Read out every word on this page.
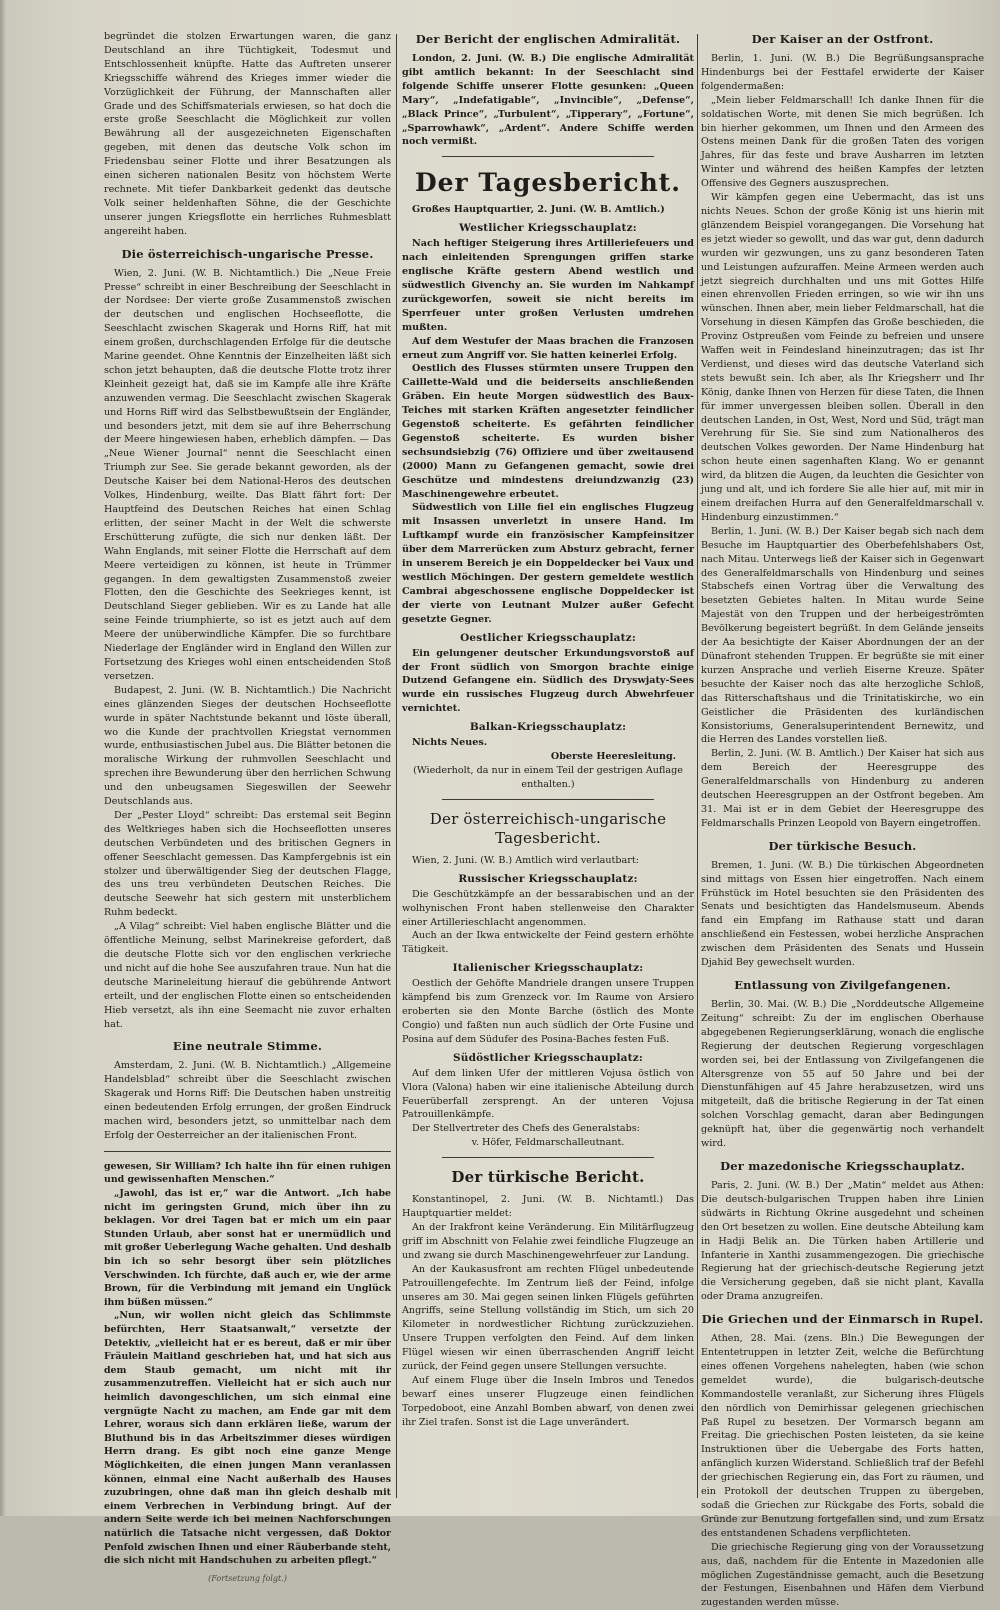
begründet die stolzen Erwartungen waren, die ganz Deutschland an ihre Tüchtigkeit, Todesmut und Entschlossenheit knüpfte. Hatte das Auftreten unserer Kriegsschiffe während des Krieges immer wieder die Vorzüglichkeit der Führung, der Mannschaften aller Grade und des Schiffsmaterials erwiesen, so hat doch die erste große Seeschlacht die Möglichkeit zur vollen Bewährung all der ausgezeichneten Eigenschaften gegeben, mit denen das deutsche Volk schon im Friedensbau seiner Flotte und ihrer Besatzungen als einen sicheren nationalen Besitz von höchstem Werte rechnete. Mit tiefer Dankbarkeit gedenkt das deutsche Volk seiner heldenhaften Söhne, die der Geschichte unserer jungen Kriegsflotte ein herrliches Ruhmesblatt angereiht haben.

Die österreichisch-ungarische Presse.

Wien, 2. Juni. (W. B. Nichtamtlich.) Die „Neue Freie Presse“ schreibt in einer Beschreibung der Seeschlacht in der Nordsee: Der vierte große Zusammenstoß zwischen der deutschen und englischen Hochseeflotte, die Seeschlacht zwischen Skagerak und Horns Riff, hat mit einem großen, durchschlagenden Erfolge für die deutsche Marine geendet. Ohne Kenntnis der Einzelheiten läßt sich schon jetzt behaupten, daß die deutsche Flotte trotz ihrer Kleinheit gezeigt hat, daß sie im Kampfe alle ihre Kräfte anzuwenden vermag. Die Seeschlacht zwischen Skagerak und Horns Riff wird das Selbstbewußtsein der Engländer, und besonders jetzt, mit dem sie auf ihre Beherrschung der Meere hingewiesen haben, erheblich dämpfen. — Das „Neue Wiener Journal“ nennt die Seeschlacht einen Triumph zur See. Sie gerade bekannt geworden, als der Deutsche Kaiser bei dem National-Heros des deutschen Volkes, Hindenburg, weilte. Das Blatt fährt fort: Der Hauptfeind des Deutschen Reiches hat einen Schlag erlitten, der seiner Macht in der Welt die schwerste Erschütterung zufügte, die sich nur denken läßt. Der Wahn Englands, mit seiner Flotte die Herrschaft auf dem Meere verteidigen zu können, ist heute in Trümmer gegangen. In dem gewaltigsten Zusammenstoß zweier Flotten, den die Geschichte des Seekrieges kennt, ist Deutschland Sieger geblieben. Wir es zu Lande hat alle seine Feinde triumphierte, so ist es jetzt auch auf dem Meere der unüberwindliche Kämpfer. Die so furchtbare Niederlage der Engländer wird in England den Willen zur Fortsetzung des Krieges wohl einen entscheidenden Stoß versetzen.

Budapest, 2. Juni. (W. B. Nichtamtlich.) Die Nachricht eines glänzenden Sieges der deutschen Hochseeflotte wurde in später Nachtstunde bekannt und löste überall, wo die Kunde der prachtvollen Kriegstat vernommen wurde, enthusiastischen Jubel aus. Die Blätter betonen die moralische Wirkung der ruhmvollen Seeschlacht und sprechen ihre Bewunderung über den herrlichen Schwung und den unbeugsamen Siegeswillen der Seewehr Deutschlands aus.

Der „Pester Lloyd“ schreibt: Das erstemal seit Beginn des Weltkrieges haben sich die Hochseeflotten unseres deutschen Verbündeten und des britischen Gegners in offener Seeschlacht gemessen. Das Kampfergebnis ist ein stolzer und überwältigender Sieg der deutschen Flagge, des uns treu verbündeten Deutschen Reiches. Die deutsche Seewehr hat sich gestern mit unsterblichem Ruhm bedeckt.

„A Vilag“ schreibt: Viel haben englische Blätter und die öffentliche Meinung, selbst Marinekreise gefordert, daß die deutsche Flotte sich vor den englischen verkrieche und nicht auf die hohe See auszufahren traue. Nun hat die deutsche Marineleitung hierauf die gebührende Antwort erteilt, und der englischen Flotte einen so entscheidenden Hieb versetzt, als ihn eine Seemacht nie zuvor erhalten hat.

Eine neutrale Stimme.

Amsterdam, 2. Juni. (W. B. Nichtamtlich.) „Allgemeine Handelsblad“ schreibt über die Seeschlacht zwischen Skagerak und Horns Riff: Die Deutschen haben unstreitig einen bedeutenden Erfolg errungen, der großen Eindruck machen wird, besonders jetzt, so unmittelbar nach dem Erfolg der Oesterreicher an der italienischen Front.

gewesen, Sir William? Ich halte ihn für einen ruhigen und gewissenhaften Menschen.“

„Jawohl, das ist er,“ war die Antwort. „Ich habe nicht im geringsten Grund, mich über ihn zu beklagen. Vor drei Tagen bat er mich um ein paar Stunden Urlaub, aber sonst hat er unermüdlich und mit großer Ueberlegung Wache gehalten. Und deshalb bin ich so sehr besorgt über sein plötzliches Verschwinden. Ich fürchte, daß auch er, wie der arme Brown, für die Verbindung mit jemand ein Unglück ihm büßen müssen.“

„Nun, wir wollen nicht gleich das Schlimmste befürchten, Herr Staatsanwalt,“ versetzte der Detektiv, „vielleicht hat er es bereut, daß er mir über Fräulein Maitland geschrieben hat, und hat sich aus dem Staub gemacht, um nicht mit ihr zusammenzutreffen. Vielleicht hat er sich auch nur heimlich davongeschlichen, um sich einmal eine vergnügte Nacht zu machen, am Ende gar mit dem Lehrer, woraus sich dann erklären ließe, warum der Bluthund bis in das Arbeitszimmer dieses würdigen Herrn drang. Es gibt noch eine ganze Menge Möglichkeiten, die einen jungen Mann veranlassen können, einmal eine Nacht außerhalb des Hauses zuzubringen, ohne daß man ihn gleich deshalb mit einem Verbrechen in Verbindung bringt. Auf der andern Seite werde ich bei meinen Nachforschungen natürlich die Tatsache nicht vergessen, daß Doktor Penfold zwischen Ihnen und einer Räuberbande steht, die sich nicht mit Handschuhen zu arbeiten pflegt.“

(Fortsetzung folgt.)
Der Bericht der englischen Admiralität.

London, 2. Juni. (W. B.) Die englische Admiralität gibt amtlich bekannt: In der Seeschlacht sind folgende Schiffe unserer Flotte gesunken: „Queen Mary“, „Indefatigable“, „Invincible“, „Defense“, „Black Prince“, „Turbulent“, „Tipperary“, „Fortune“, „Sparrowhawk“, „Ardent“. Andere Schiffe werden noch vermißt.

Der Tagesbericht.

Großes Hauptquartier, 2. Juni. (W. B. Amtlich.)

Westlicher Kriegsschauplatz:

Nach heftiger Steigerung ihres Artilleriefeuers und nach einleitenden Sprengungen griffen starke englische Kräfte gestern Abend westlich und südwestlich Givenchy an. Sie wurden im Nahkampf zurückgeworfen, soweit sie nicht bereits im Sperrfeuer unter großen Verlusten umdrehen mußten.

Auf dem Westufer der Maas brachen die Franzosen erneut zum Angriff vor. Sie hatten keinerlei Erfolg.

Oestlich des Flusses stürmten unsere Truppen den Caillette-Wald und die beiderseits anschließenden Gräben. Ein heute Morgen südwestlich des Baux-Teiches mit starken Kräften angesetzter feindlicher Gegenstoß scheiterte. Es gefährten feindlicher Gegenstoß scheiterte. Es wurden bisher sechsundsiebzig (76) Offiziere und über zweitausend (2000) Mann zu Gefangenen gemacht, sowie drei Geschütze und mindestens dreiundzwanzig (23) Maschinengewehre erbeutet.

Südwestlich von Lille fiel ein englisches Flugzeug mit Insassen unverletzt in unsere Hand. Im Luftkampf wurde ein französischer Kampfeinsitzer über dem Marrerücken zum Absturz gebracht, ferner in unserem Bereich je ein Doppeldecker bei Vaux und westlich Möchingen. Der gestern gemeldete westlich Cambrai abgeschossene englische Doppeldecker ist der vierte von Leutnant Mulzer außer Gefecht gesetzte Gegner.

Oestlicher Kriegsschauplatz:

Ein gelungener deutscher Erkundungsvorstoß auf der Front südlich von Smorgon brachte einige Dutzend Gefangene ein. Südlich des Dryswjaty-Sees wurde ein russisches Flugzeug durch Abwehrfeuer vernichtet.

Balkan-Kriegsschauplatz:

Nichts Neues.

Oberste Heeresleitung.

(Wiederholt, da nur in einem Teil der gestrigen Auflage enthalten.)

Der österreichisch-ungarische Tagesbericht.

Wien, 2. Juni. (W. B.) Amtlich wird verlautbart:

Russischer Kriegsschauplatz:

Die Geschützkämpfe an der bessarabischen und an der wolhynischen Front haben stellenweise den Charakter einer Artillerieschlacht angenommen.

Auch an der Ikwa entwickelte der Feind gestern erhöhte Tätigkeit.

Italienischer Kriegsschauplatz:

Oestlich der Gehöfte Mandriele drangen unsere Truppen kämpfend bis zum Grenzeck vor. Im Raume von Arsiero eroberten sie den Monte Barche (östlich des Monte Congio) und faßten nun auch südlich der Orte Fusine und Posina auf dem Südufer des Posina-Baches festen Fuß.

Südöstlicher Kriegsschauplatz:

Auf dem linken Ufer der mittleren Vojusa östlich von Vlora (Valona) haben wir eine italienische Abteilung durch Feuerüberfall zersprengt. An der unteren Vojusa Patrouillenkämpfe.

Der Stellvertreter des Chefs des Generalstabs:

v. Höfer, Feldmarschalleutnant.

Der türkische Bericht.

Konstantinopel, 2. Juni. (W. B. Nichtamtl.) Das Hauptquartier meldet:

An der Irakfront keine Veränderung. Ein Militärflugzeug griff im Abschnitt von Felahie zwei feindliche Flugzeuge an und zwang sie durch Maschinengewehrfeuer zur Landung.

An der Kaukasusfront am rechten Flügel unbedeutende Patrouillengefechte. Im Zentrum ließ der Feind, infolge unseres am 30. Mai gegen seinen linken Flügels geführten Angriffs, seine Stellung vollständig im Stich, um sich 20 Kilometer in nordwestlicher Richtung zurückzuziehen. Unsere Truppen verfolgten den Feind. Auf dem linken Flügel wiesen wir einen überraschenden Angriff leicht zurück, der Feind gegen unsere Stellungen versuchte.

Auf einem Fluge über die Inseln Imbros und Tenedos bewarf eines unserer Flugzeuge einen feindlichen Torpedoboot, eine Anzahl Bomben abwarf, von denen zwei ihr Ziel trafen. Sonst ist die Lage unverändert.

Der Kaiser an der Ostfront.

Berlin, 1. Juni. (W. B.) Die Begrüßungsansprache Hindenburgs bei der Festtafel erwiderte der Kaiser folgendermaßen:

„Mein lieber Feldmarschall! Ich danke Ihnen für die soldatischen Worte, mit denen Sie mich begrüßen. Ich bin hierher gekommen, um Ihnen und den Armeen des Ostens meinen Dank für die großen Taten des vorigen Jahres, für das feste und brave Ausharren im letzten Winter und während des heißen Kampfes der letzten Offensive des Gegners auszusprechen.

Wir kämpfen gegen eine Uebermacht, das ist uns nichts Neues. Schon der große König ist uns hierin mit glänzendem Beispiel vorangegangen. Die Vorsehung hat es jetzt wieder so gewollt, und das war gut, denn dadurch wurden wir gezwungen, uns zu ganz besonderen Taten und Leistungen aufzuraffen. Meine Armeen werden auch jetzt siegreich durchhalten und uns mit Gottes Hilfe einen ehrenvollen Frieden erringen, so wie wir ihn uns wünschen. Ihnen aber, mein lieber Feldmarschall, hat die Vorsehung in diesen Kämpfen das Große beschieden, die Provinz Ostpreußen vom Feinde zu befreien und unsere Waffen weit in Feindesland hineinzutragen; das ist Ihr Verdienst, und dieses wird das deutsche Vaterland sich stets bewußt sein. Ich aber, als Ihr Kriegsherr und Ihr König, danke Ihnen von Herzen für diese Taten, die Ihnen für immer unvergessen bleiben sollen. Überall in den deutschen Landen, in Ost, West, Nord und Süd, trägt man Verehrung für Sie. Sie sind zum Nationalheros des deutschen Volkes geworden. Der Name Hindenburg hat schon heute einen sagenhaften Klang. Wo er genannt wird, da blitzen die Augen, da leuchten die Gesichter von jung und alt, und ich fordere Sie alle hier auf, mit mir in einem dreifachen Hurra auf den Generalfeldmarschall v. Hindenburg einzustimmen.“

Berlin, 1. Juni. (W. B.) Der Kaiser begab sich nach dem Besuche im Hauptquartier des Oberbefehlshabers Ost, nach Mitau. Unterwegs ließ der Kaiser sich in Gegenwart des Generalfeldmarschalls von Hindenburg und seines Stabschefs einen Vortrag über die Verwaltung des besetzten Gebietes halten. In Mitau wurde Seine Majestät von den Truppen und der herbeigeströmten Bevölkerung begeistert begrüßt. In dem Gelände jenseits der Aa besichtigte der Kaiser Abordnungen der an der Dünafront stehenden Truppen. Er begrüßte sie mit einer kurzen Ansprache und verlieh Eiserne Kreuze. Später besuchte der Kaiser noch das alte herzogliche Schloß, das Ritterschaftshaus und die Trinitatiskirche, wo ein Geistlicher die Präsidenten des kurländischen Konsistoriums, Generalsuperintendent Bernewitz, und die Herren des Landes vorstellen ließ.

Berlin, 2. Juni. (W. B. Amtlich.) Der Kaiser hat sich aus dem Bereich der Heeresgruppe des Generalfeldmarschalls von Hindenburg zu anderen deutschen Heeresgruppen an der Ostfront begeben. Am 31. Mai ist er in dem Gebiet der Heeresgruppe des Feldmarschalls Prinzen Leopold von Bayern eingetroffen.

Der türkische Besuch.

Bremen, 1. Juni. (W. B.) Die türkischen Abgeordneten sind mittags von Essen hier eingetroffen. Nach einem Frühstück im Hotel besuchten sie den Präsidenten des Senats und besichtigten das Handelsmuseum. Abends fand ein Empfang im Rathause statt und daran anschließend ein Festessen, wobei herzliche Ansprachen zwischen dem Präsidenten des Senats und Hussein Djahid Bey gewechselt wurden.

Entlassung von Zivilgefangenen.

Berlin, 30. Mai. (W. B.) Die „Norddeutsche Allgemeine Zeitung“ schreibt: Zu der im englischen Oberhause abgegebenen Regierungserklärung, wonach die englische Regierung der deutschen Regierung vorgeschlagen worden sei, bei der Entlassung von Zivilgefangenen die Altersgrenze von 55 auf 50 Jahre und bei der Dienstunfähigen auf 45 Jahre herabzusetzen, wird uns mitgeteilt, daß die britische Regierung in der Tat einen solchen Vorschlag gemacht, daran aber Bedingungen geknüpft hat, über die gegenwärtig noch verhandelt wird.

Der mazedonische Kriegsschauplatz.

Paris, 2. Juni. (W. B.) Der „Matin“ meldet aus Athen: Die deutsch-bulgarischen Truppen haben ihre Linien südwärts in Richtung Okrine ausgedehnt und scheinen den Ort besetzen zu wollen. Eine deutsche Abteilung kam in Hadji Belik an. Die Türken haben Artillerie und Infanterie in Xanthi zusammengezogen. Die griechische Regierung hat der griechisch-deutsche Regierung jetzt die Versicherung gegeben, daß sie nicht plant, Kavalla oder Drama anzugreifen.

Die Griechen und der Einmarsch in Rupel.

Athen, 28. Mai. (zens. Bln.) Die Bewegungen der Ententetruppen in letzter Zeit, welche die Befürchtung eines offenen Vorgehens nahelegten, haben (wie schon gemeldet wurde), die bulgarisch-deutsche Kommandostelle veranlaßt, zur Sicherung ihres Flügels den nördlich von Demirhissar gelegenen griechischen Paß Rupel zu besetzen. Der Vormarsch begann am Freitag. Die griechischen Posten leisteten, da sie keine Instruktionen über die Uebergabe des Forts hatten, anfänglich kurzen Widerstand. Schließlich traf der Befehl der griechischen Regierung ein, das Fort zu räumen, und ein Protokoll der deutschen Truppen zu übergeben, sodaß die Griechen zur Rückgabe des Forts, sobald die Gründe zur Benutzung fortgefallen sind, und zum Ersatz des entstandenen Schadens verpflichteten.

Die griechische Regierung ging von der Voraussetzung aus, daß, nachdem für die Entente in Mazedonien alle möglichen Zugeständnisse gemacht, auch die Besetzung der Festungen, Eisenbahnen und Häfen dem Vierbund zugestanden werden müsse.
